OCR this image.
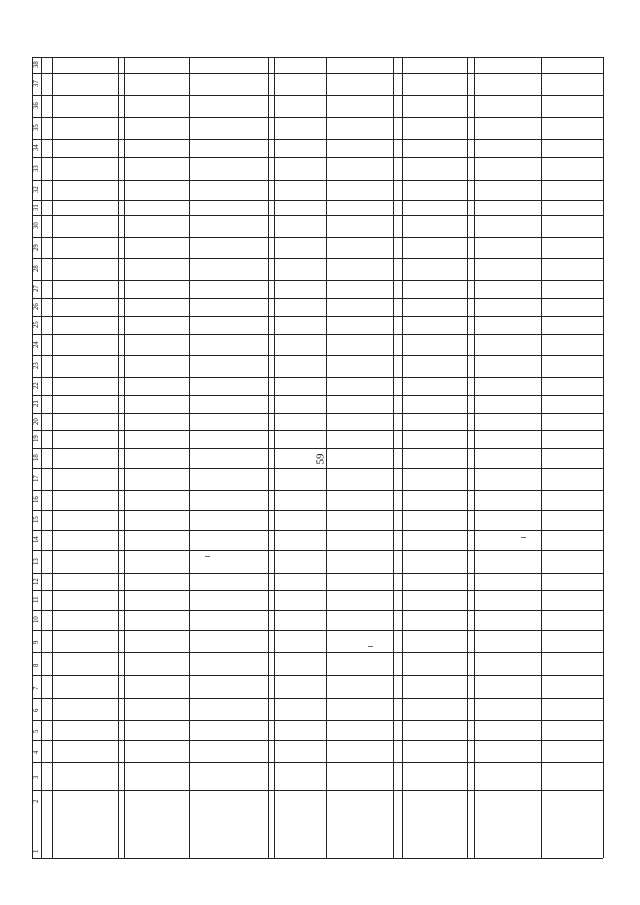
59
1
2
3
4
5
6
7
8
9
10
11
12
13
14
15
16
17
18
19
20
21
22
23
24
25
26
27
28
29
30
31
32
33
34
35
36
37
38
